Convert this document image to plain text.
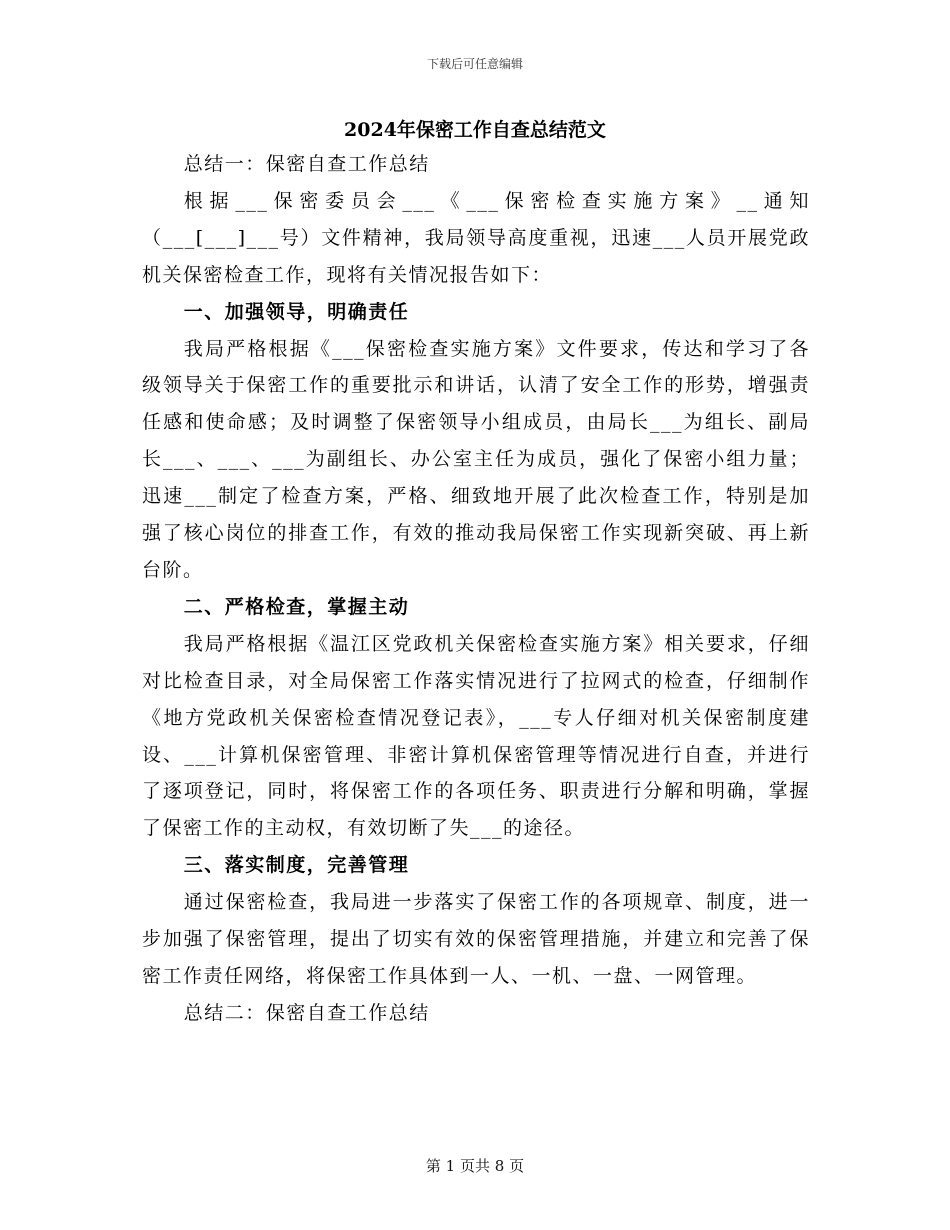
下载后可任意编辑
2024年保密工作自查总结范文

总结一：保密自查工作总结

根据___保密委员会___《___保密检查实施方案》__通知（___[___]___号）文件精神，我局领导高度重视，迅速___人员开展党政机关保密检查工作，现将有关情况报告如下：

一、加强领导，明确责任

我局严格根据《___保密检查实施方案》文件要求，传达和学习了各级领导关于保密工作的重要批示和讲话，认清了安全工作的形势，增强责任感和使命感；及时调整了保密领导小组成员，由局长___为组长、副局长___、___、___为副组长、办公室主任为成员，强化了保密小组力量；迅速___制定了检查方案，严格、细致地开展了此次检查工作，特别是加强了核心岗位的排查工作，有效的推动我局保密工作实现新突破、再上新台阶。

二、严格检查，掌握主动

我局严格根据《温江区党政机关保密检查实施方案》相关要求，仔细对比检查目录，对全局保密工作落实情况进行了拉网式的检查，仔细制作《地方党政机关保密检查情况登记表》，___专人仔细对机关保密制度建设、___计算机保密管理、非密计算机保密管理等情况进行自查，并进行了逐项登记，同时，将保密工作的各项任务、职责进行分解和明确，掌握了保密工作的主动权，有效切断了失___的途径。

三、落实制度，完善管理

通过保密检查，我局进一步落实了保密工作的各项规章、制度，进一步加强了保密管理，提出了切实有效的保密管理措施，并建立和完善了保密工作责任网络，将保密工作具体到一人、一机、一盘、一网管理。

总结二：保密自查工作总结

第 1 页共 8 页
